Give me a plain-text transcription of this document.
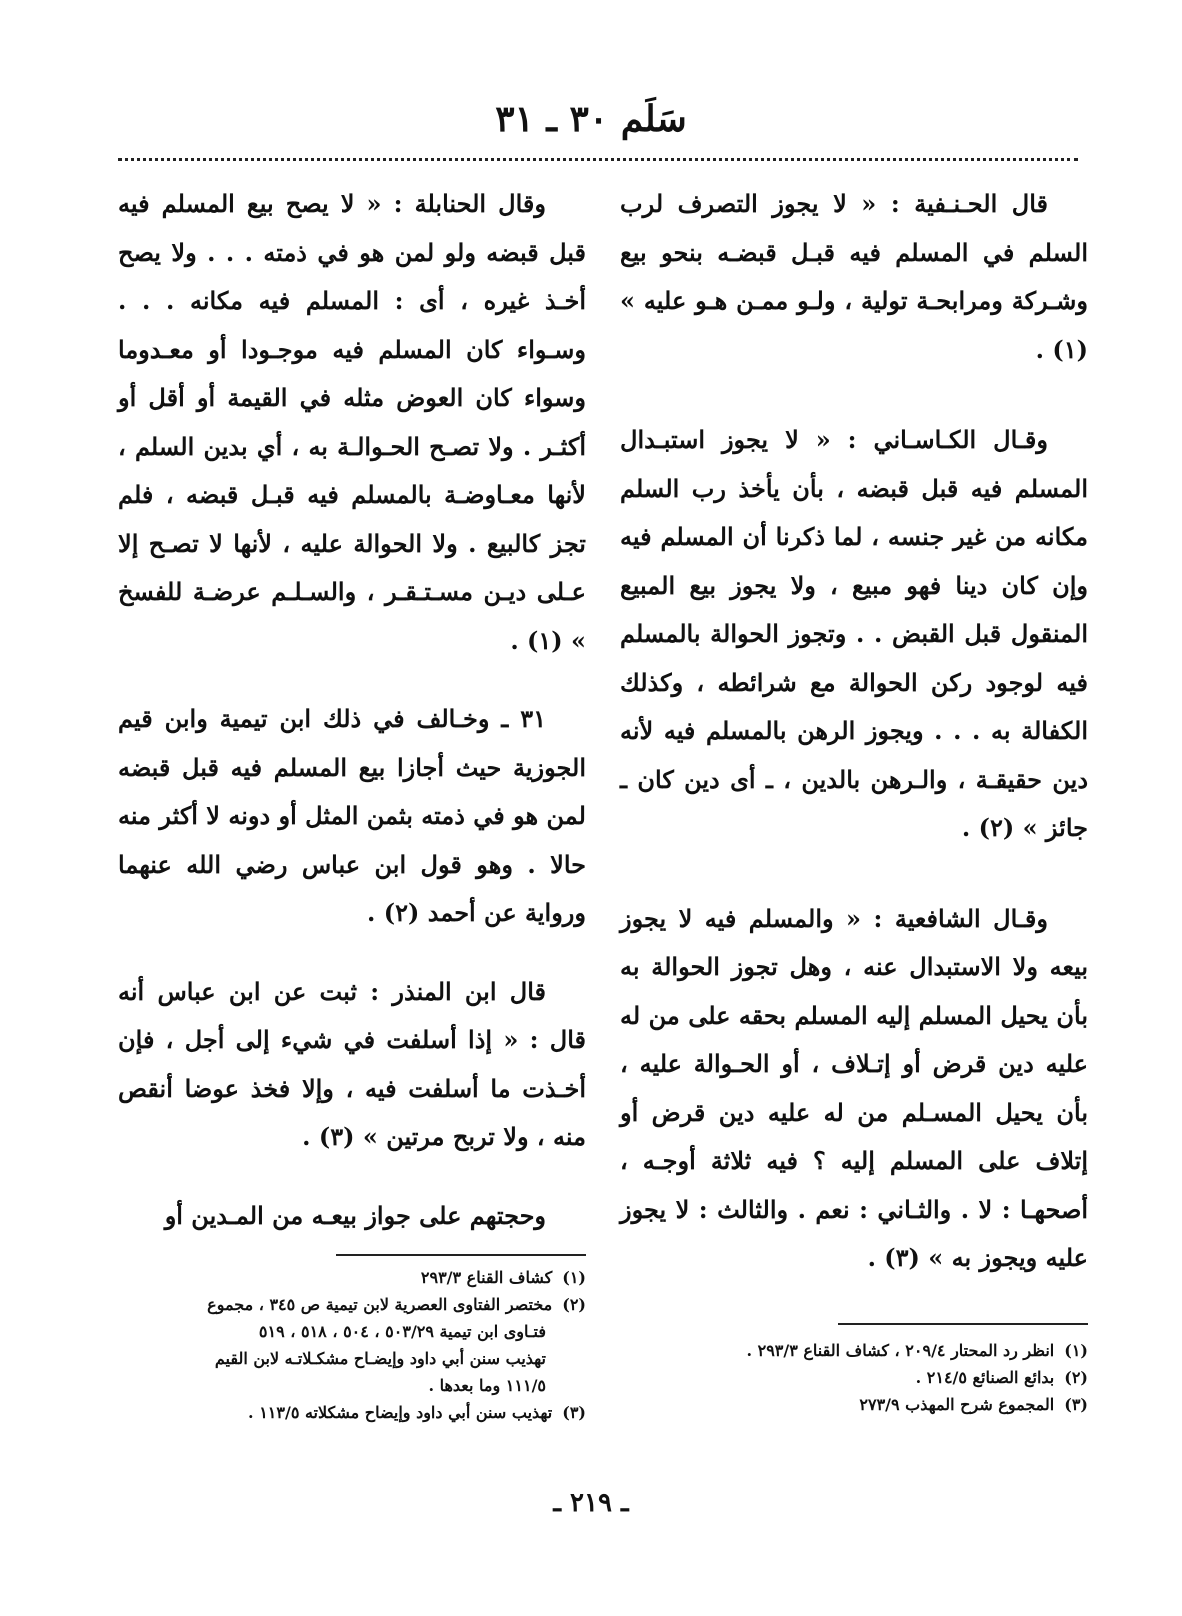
سَلَم ٣٠ ـ ٣١

قال الحـنـفية : « لا يجوز التصرف لرب السلم في المسلم فيه قبـل قبضـه بنحو بيع وشـركة ومرابحـة تولية ، ولـو ممـن هـو عليه » (١) .

وقـال الكـاسـاني : « لا يجوز استبـدال المسلم فيه قبل قبضه ، بأن يأخذ رب السلم مكانه من غير جنسه ، لما ذكرنا أن المسلم فيه وإن كان دينا فهو مبيع ، ولا يجوز بيع المبيع المنقول قبل القبض . . وتجوز الحوالة بالمسلم فيه لوجود ركن الحوالة مع شرائطه ، وكذلك الكفالة به . . . ويجوز الرهن بالمسلم فيه لأنه دين حقيقـة ، والـرهن بالدين ، ـ أى دين كان ـ جائز » (٢) .

وقـال الشافعية : « والمسلم فيه لا يجوز بيعه ولا الاستبدال عنه ، وهل تجوز الحوالة به بأن يحيل المسلم إليه المسلم بحقه على من له عليه دين قرض أو إتـلاف ، أو الحـوالة عليه ، بأن يحيل المسـلم من له عليه دين قرض أو إتلاف على المسلم إليه ؟ فيه ثلاثة أوجـه ، أصحهـا : لا . والثـاني : نعم . والثالث : لا يجوز عليه ويجوز به » (٣) .

وقال الحنابلة : « لا يصح بيع المسلم فيه قبل قبضه ولو لمن هو في ذمته . . . ولا يصح أخـذ غيره ، أى : المسلم فيه مكانه . . . وسـواء كان المسلم فيه موجـودا أو معـدوما وسواء كان العوض مثله في القيمة أو أقل أو أكثـر . ولا تصـح الحـوالـة به ، أي بدين السلم ، لأنها معـاوضـة بالمسلم فيه قبـل قبضه ، فلم تجز كالبيع . ولا الحوالة عليه ، لأنها لا تصـح إلا عـلى ديـن مسـتـقـر ، والسـلـم عرضـة للفسخ » (١) .

٣١ ـ وخـالف في ذلك ابن تيمية وابن قيم الجوزية حيث أجازا بيع المسلم فيه قبل قبضه لمن هو في ذمته بثمن المثل أو دونه لا أكثر منه حالا . وهو قول ابن عباس رضي الله عنهما ورواية عن أحمد (٢) .

قال ابن المنذر : ثبت عن ابن عباس أنه قال : « إذا أسلفت في شيء إلى أجل ، فإن أخـذت ما أسلفت فيه ، وإلا فخذ عوضا أنقص منه ، ولا تربح مرتين » (٣) .

وحجتهم على جواز بيعـه من المـدين أو

(١)انظر رد المحتار ٢٠٩/٤ ، كشاف القناع ٢٩٣/٣ .

(٢)بدائع الصنائع ٢١٤/٥ .

(٣)المجموع شرح المهذب ٢٧٣/٩

(١)كشاف القناع ٢٩٣/٣

(٢)مختصر الفتاوى العصرية لابن تيمية ص ٣٤٥ ، مجموع
فتـاوى ابن تيمية ٥٠٣/٢٩ ، ٥٠٤ ، ٥١٨ ، ٥١٩
تهذيب سنن أبي داود وإيضـاح مشكـلاتـه لابن القيم
١١١/٥ وما بعدها .

(٣)تهذيب سنن أبي داود وإيضاح مشكلاته ١١٣/٥ .

ـ ٢١٩ ـ
